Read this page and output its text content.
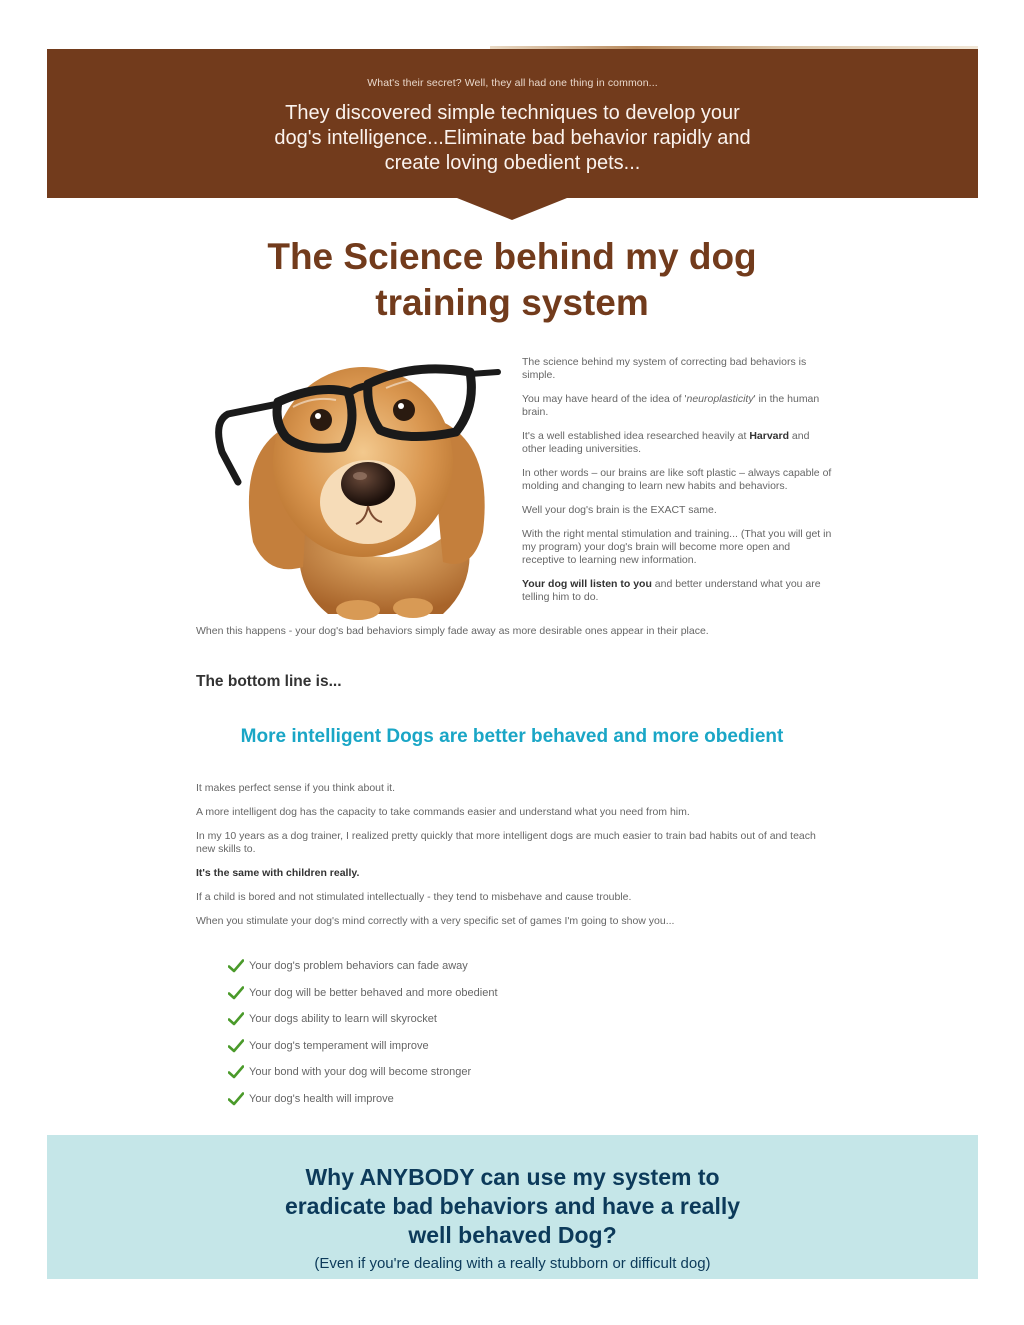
What's their secret? Well, they all had one thing in common...
They discovered simple techniques to develop your
dog's intelligence...Eliminate bad behavior rapidly and
create loving obedient pets...
The Science behind my dog
training system

The science behind my system of correcting bad behaviors is simple.

You may have heard of the idea of 'neuroplasticity' in the human brain.

It's a well established idea researched heavily at Harvard and other leading universities.

In other words – our brains are like soft plastic – always capable of molding and changing to learn new habits and behaviors.

Well your dog's brain is the EXACT same.

With the right mental stimulation and training... (That you will get in my program) your dog's brain will become more open and receptive to learning new information.

Your dog will listen to you and better understand what you are telling him to do.

When this happens - your dog's bad behaviors simply fade away as more desirable ones appear in their place.
The bottom line is...
More intelligent Dogs are better behaved and more obedient

It makes perfect sense if you think about it.

A more intelligent dog has the capacity to take commands easier and understand what you need from him.

In my 10 years as a dog trainer, I realized pretty quickly that more intelligent dogs are much easier to train bad habits out of and teach new skills to.

It's the same with children really.

If a child is bored and not stimulated intellectually - they tend to misbehave and cause trouble.

When you stimulate your dog's mind correctly with a very specific set of games I'm going to show you...

Your dog's problem behaviors can fade away
Your dog will be better behaved and more obedient
Your dogs ability to learn will skyrocket
Your dog's temperament will improve
Your bond with your dog will become stronger
Your dog's health will improve
Why ANYBODY can use my system to
eradicate bad behaviors and have a really
well behaved Dog?
(Even if you're dealing with a really stubborn or difficult dog)
